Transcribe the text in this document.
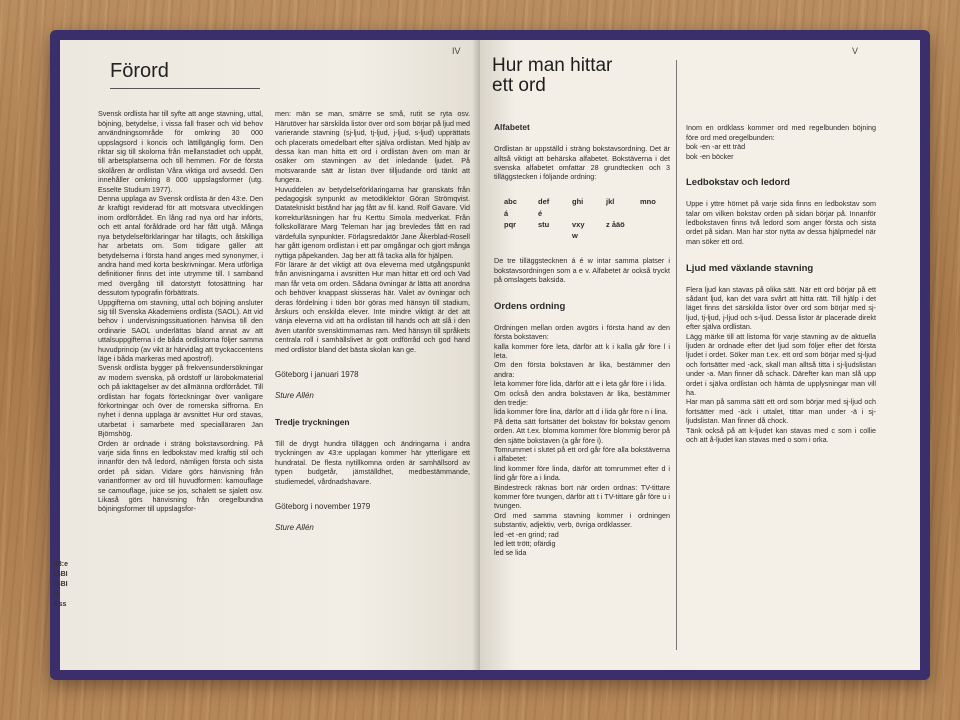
IV
Förord

Svensk ordlista har till syfte att ange stavning, uttal, böjning, betydelse, i vissa fall fraser och vid behov användningsområde för omkring 30 000 uppslagsord i koncis och lättillgänglig form. Den riktar sig till skolorna från mellanstadiet och uppåt, till arbetsplatserna och till hemmen. För de första skolåren är ordlistan Våra viktiga ord avsedd. Den innehåller omkring 8 000 uppslagsformer (utg. Esselte Studium 1977).
Denna upplaga av Svensk ordlista är den 43:e. Den är kraftigt reviderad för att motsvara utvecklingen inom ordförrådet. En lång rad nya ord har införts, och ett antal föråldrade ord har fått utgå. Många nya betydelseförklaringar har tillagts, och åtskilliga har arbetats om. Som tidigare gäller att betydelserna i första hand anges med synonymer, i andra hand med korta beskrivningar. Mera utförliga definitioner finns det inte utrymme till. I samband med övergång till datorstytt fotosättning har dessutom typografin förbättrats.
Uppgifterna om stavning, uttal och böjning ansluter sig till Svenska Akademiens ordlista (SAOL). Att vid behov i undervisningssituationen hänvisa till den ordinarie SAOL underlättas bland annat av att uttalsuppgifterna i de båda ordlistorna följer samma huvudprincip (av vikt är härvidlag att tryckaccentens läge i båda markeras med apostrof).
Svensk ordlista bygger på frekvensundersökningar av modern svenska, på ordstoff ur lärobokmaterial och på iakttagelser av det allmänna ordförrådet. Till ordlistan har fogats förteckningar över vanligare förkortningar och över de romerska siffrorna. En nyhet i denna upplaga är avsnittet Hur ord stavas, utarbetat i samarbete med specialläraren Jan Björnshög.
Orden är ordnade i sträng bokstavsordning. På varje sida finns en ledbokstav med kraftig stil och innanför den två ledord, nämligen första och sista ordet på sidan. Vidare görs hänvisning från variantformer av ord till huvudformen: kamouflage se camouflage, juice se jos, schalett se sjalett osv. Likaså görs hänvisning från oregelbundna böjningsformer till uppslagsfor-

men: män se man, smärre se små, rutit se ryta osv. Härutöver har särskilda listor över ord som börjar på ljud med varierande stavning (sj-ljud, tj-ljud, j-ljud, s-ljud) upprättats och placerats omedelbart efter själva ordlistan. Med hjälp av dessa kan man hitta ett ord i ordlistan även om man är osäker om stavningen av det inledande ljudet. På motsvarande sätt är listan över tilljudande ord tänkt att fungera.
Huvuddelen av betydelseförklaringarna har granskats från pedagogisk synpunkt av metodiklektor Göran Strömqvist. Datatekniskt bistånd har jag fått av fil. kand. Rolf Gavare. Vid korrekturläsningen har fru Kerttu Simola medverkat. Från folkskollärare Marg Teleman har jag brevledes fått en rad värdefulla synpunkter. Förlagsredaktör Jane Åkerblad-Rosell har gått igenom ordlistan i ett par omgångar och gjort många nyttiga påpekanden. Jag ber att få tacka alla för hjälpen.
För lärare är det viktigt att öva eleverna med utgångspunkt från anvisningarna i avsnitten Hur man hittar ett ord och Vad man får veta om orden. Sådana övningar är lätta att anordna och behöver knappast skisseras här. Valet av övningar och deras fördelning i tiden bör göras med hänsyn till stadium, årskurs och enskilda elever. Inte mindre viktigt är det att vänja eleverna vid att ha ordlistan till hands och att slå i den även utanför svensktimmarnas ram. Med hänsyn till språkets centrala roll i samhällslivet är gott ordförråd och god hand med ordlistor bland det bästa skolan kan ge.

Göteborg i januari 1978

Sture Allén

Tredje tryckningen

Till de drygt hundra tilläggen och ändringarna i andra tryckningen av 43:e upplagan kommer här ytterligare ett hundratal. De flesta nytillkomna orden är samhällsord av typen budgetår, jämställdhet, medbestämmande, studiemedel, vårdnadshavare.

Göteborg i november 1979

Sture Allén

43:e
ISBI
ISBI
©
Ess
V
Hur man hittar
ett ord

Alfabetet

Ordlistan är uppställd i sträng bokstavsordning. Det är alltså viktigt att behärska alfabetet. Bokstäverna i det svenska alfabetet omfattar 28 grundtecken och 3 tilläggstecken i följande ordning:

abc	def	ghi	jkl	mno
á	é
pqr	stu	vxy	z åäö
w

De tre tilläggstecknen á é w intar samma platser i bokstavsordningen som a e v. Alfabetet är också tryckt på omslagets baksida.

Ordens ordning

Ordningen mellan orden avgörs i första hand av den första bokstaven:
kalla kommer före leta, därför att k i kalla går före l i leta.
Om den första bokstaven är lika, bestämmer den andra:
leta kommer före lida, därför att e i leta går före i i lida.
Om också den andra bokstaven är lika, bestämmer den tredje:
lida kommer före lina, därför att d i lida går före n i lina.
På detta sätt fortsätter det bokstav för bokstav genom orden. Att t.ex. blomma kommer före blommig beror på den sjätte bokstaven (a går före i).
Tomrummet i slutet på ett ord går före alla bokstäverna i alfabetet:
lind kommer före linda, därför att tomrummet efter d i lind går före a i linda.
Bindestreck räknas bort när orden ordnas: TV-tittare kommer före tvungen, därför att t i TV-tittare går före u i tvungen.
Ord med samma stavning kommer i ordningen substantiv, adjektiv, verb, övriga ordklasser.
led -et -en grind; rad
led lett trött; ofärdig
led se lida

Inom en ordklass kommer ord med regelbunden böjning före ord med oregelbunden:
bok -en -ar ett träd
bok -en böcker

Ledbokstav och ledord

Uppe i yttre hörnet på varje sida finns en ledbokstav som talar om vilken bokstav orden på sidan börjar på. Innanför ledbokstaven finns två ledord som anger första och sista ordet på sidan. Man har stor nytta av dessa hjälpmedel när man söker ett ord.

Ljud med växlande stavning

Flera ljud kan stavas på olika sätt. När ett ord börjar på ett sådant ljud, kan det vara svårt att hitta rätt. Till hjälp i det läget finns det särskilda listor över ord som börjar med sj-ljud, tj-ljud, j-ljud och s-ljud. Dessa listor är placerade direkt efter själva ordlistan.
Lägg märke till att listorna för varje stavning av de aktuella ljuden är ordnade efter det ljud som följer efter det första ljudet i ordet. Söker man t.ex. ett ord som börjar med sj-ljud och fortsätter med -ack, skall man alltså titta i sj-ljudslistan under -a. Man finner då schack. Därefter kan man slå upp ordet i själva ordlistan och hämta de upplysningar man vill ha.
Har man på samma sätt ett ord som börjar med sj-ljud och fortsätter med -äck i uttalet, tittar man under -ä i sj-ljudslistan. Man finner då chock.
Tänk också på att k-ljudet kan stavas med c som i collie och att å-ljudet kan stavas med o som i orka.
